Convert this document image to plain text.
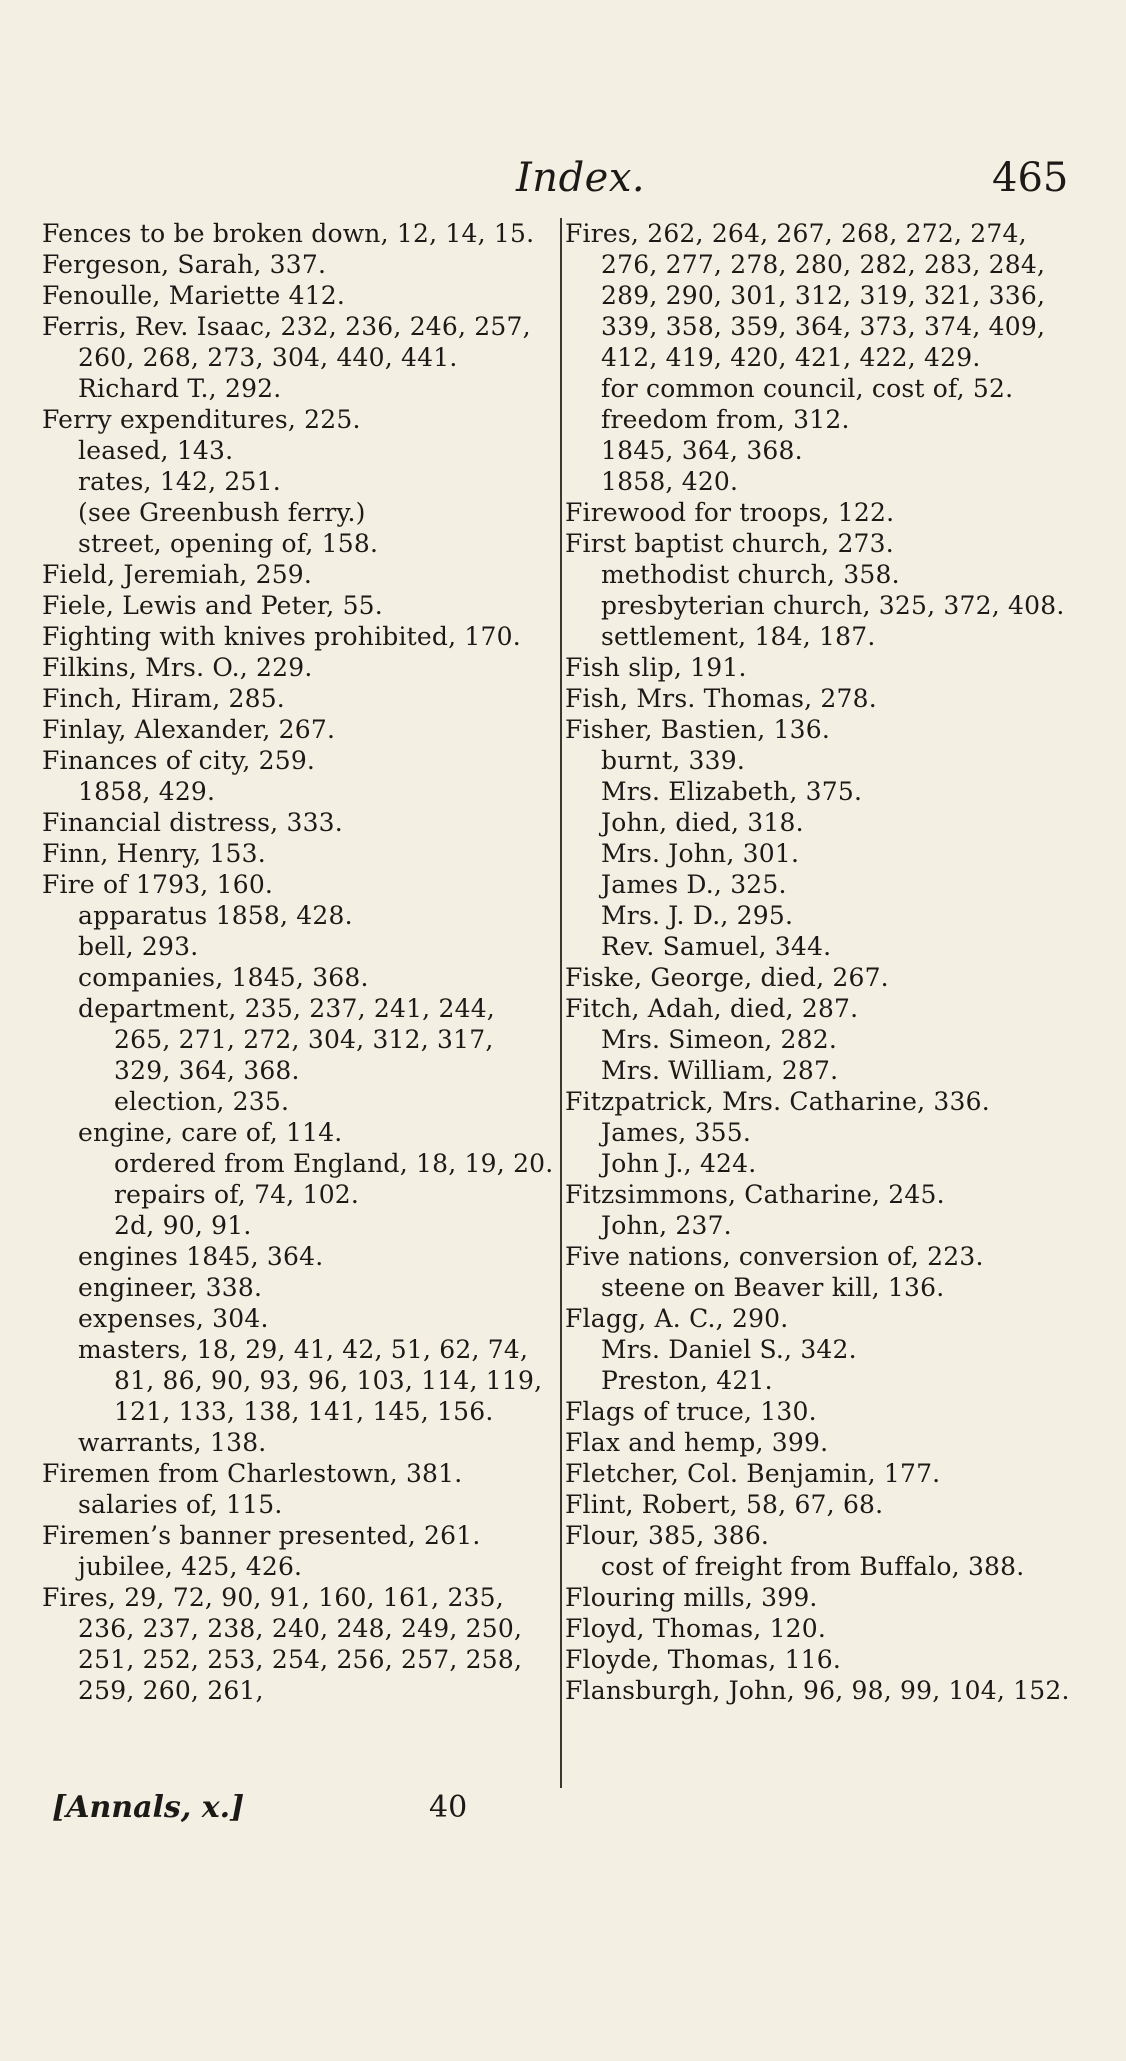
Index.	465
Fences to be broken down, 12, 14, 15.
Fergeson, Sarah, 337.
Fenoulle, Mariette 412.
Ferris, Rev. Isaac, 232, 236, 246, 257, 260, 268, 273, 304, 440, 441.
Richard T., 292.
Ferry expenditures, 225.
leased, 143.
rates, 142, 251.
(see Greenbush ferry.)
street, opening of, 158.
Field, Jeremiah, 259.
Fiele, Lewis and Peter, 55.
Fighting with knives prohibited, 170.
Filkins, Mrs. O., 229.
Finch, Hiram, 285.
Finlay, Alexander, 267.
Finances of city, 259.
1858, 429.
Financial distress, 333.
Finn, Henry, 153.
Fire of 1793, 160.
apparatus 1858, 428.
bell, 293.
companies, 1845, 368.
department, 235, 237, 241, 244, 265, 271, 272, 304, 312, 317, 329, 364, 368.
election, 235.
engine, care of, 114.
ordered from England, 18, 19, 20.
repairs of, 74, 102.
2d, 90, 91.
engines 1845, 364.
engineer, 338.
expenses, 304.
masters, 18, 29, 41, 42, 51, 62, 74, 81, 86, 90, 93, 96, 103, 114, 119, 121, 133, 138, 141, 145, 156.
warrants, 138.
Firemen from Charlestown, 381.
salaries of, 115.
Firemen’s banner presented, 261.
jubilee, 425, 426.
Fires, 29, 72, 90, 91, 160, 161, 235, 236, 237, 238, 240, 248, 249, 250, 251, 252, 253, 254, 256, 257, 258, 259, 260, 261,
Fires, 262, 264, 267, 268, 272, 274, 276, 277, 278, 280, 282, 283, 284, 289, 290, 301, 312, 319, 321, 336, 339, 358, 359, 364, 373, 374, 409, 412, 419, 420, 421, 422, 429.
for common council, cost of, 52.
freedom from, 312.
1845, 364, 368.
1858, 420.
Firewood for troops, 122.
First baptist church, 273.
methodist church, 358.
presbyterian church, 325, 372, 408.
settlement, 184, 187.
Fish slip, 191.
Fish, Mrs. Thomas, 278.
Fisher, Bastien, 136.
burnt, 339.
Mrs. Elizabeth, 375.
John, died, 318.
Mrs. John, 301.
James D., 325.
Mrs. J. D., 295.
Rev. Samuel, 344.
Fiske, George, died, 267.
Fitch, Adah, died, 287.
Mrs. Simeon, 282.
Mrs. William, 287.
Fitzpatrick, Mrs. Catharine, 336.
James, 355.
John J., 424.
Fitzsimmons, Catharine, 245.
John, 237.
Five nations, conversion of, 223.
steene on Beaver kill, 136.
Flagg, A. C., 290.
Mrs. Daniel S., 342.
Preston, 421.
Flags of truce, 130.
Flax and hemp, 399.
Fletcher, Col. Benjamin, 177.
Flint, Robert, 58, 67, 68.
Flour, 385, 386.
cost of freight from Buffalo, 388.
Flouring mills, 399.
Floyd, Thomas, 120.
Floyde, Thomas, 116.
Flansburgh, John, 96, 98, 99, 104, 152.
[Annals, x.]	40
